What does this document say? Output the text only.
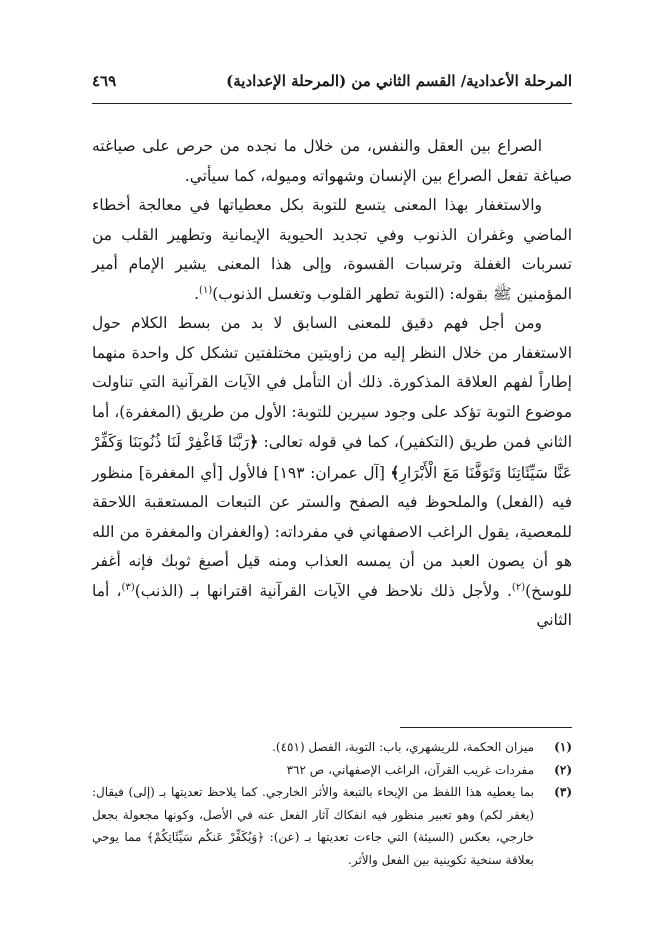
المرحلة الأعدادية/ القسم الثاني من (المرحلة الإعدادية)
٤٦٩

الصراع بين العقل والنفس، من خلال ما نجده من حرص على صياغته صياغة تفعل الصراع بين الإنسان وشهواته وميوله، كما سيأتي.

والاستغفار بهذا المعنى يتسع للتوبة بكل معطياتها في معالجة أخطاء الماضي وغفران الذنوب وفي تجديد الحيوية الإيمانية وتطهير القلب من تسربات الغفلة وترسبات القسوة، وإلى هذا المعنى يشير الإمام أمير المؤمنين ﷺ بقوله: (التوبة تطهر القلوب وتغسل الذنوب)$^{(١)}$.

ومن أجل فهم دقيق للمعنى السابق لا بد من بسط الكلام حول الاستغفار من خلال النظر إليه من زاويتين مختلفتين تشكل كل واحدة منهما إطاراً لفهم العلاقة المذكورة. ذلك أن التأمل في الآيات القرآنية التي تناولت موضوع التوبة تؤكد على وجود سيرين للتوبة: الأول من طريق (المغفرة)، أما الثاني فمن طريق (التكفير)، كما في قوله تعالى: ﴿رَبَّنَا فَاغْفِرْ لَنَا ذُنُوبَنَا وَكَفِّرْ عَنَّا سَيِّئَاتِنَا وَتَوَفَّنَا مَعَ الْأَبْرَارِ﴾ [آل عمران: ١٩٣] فالأول [أي المغفرة] منظور فيه (الفعل) والملحوظ فيه الصفح والستر عن التبعات المستعقبة اللاحقة للمعصية، يقول الراغب الاصفهاني في مفرداته: (والغفران والمغفرة من الله هو أن يصون العبد من أن يمسه العذاب ومنه قيل أصبغ ثوبك فإنه أغفر للوسخ)$^{(٢)}$. ولأجل ذلك نلاحظ في الآيات القرآنية اقترانها بـ (الذنب)$^{(٣)}$، أما الثاني

(١)
ميزان الحكمة، للريشهري، باب: التوبة، الفصل (٤٥١).
(٢)
مفردات غريب القرآن، الراغب الإصفهاني، ص ٣٦٢
(٣)
بما يعطيه هذا اللفظ من الإيحاء بالتبعة والأثر الخارجي. كما يلاحظ تعديتها بـ (إلى) فيقال: (يغفر لكم) وهو تعبير منظور فيه انفكاك آثار الفعل عنه في الأصل، وكونها مجعولة بجعل خارجي، بعكس (السيئة) التي جاءت تعديتها بـ (عن): ﴿وَيُكَفِّرْ عَنكُم سَيِّئَاتِكُمْ﴾ مما يوحي بعلاقة سنخية تكوينية بين الفعل والأثر.
